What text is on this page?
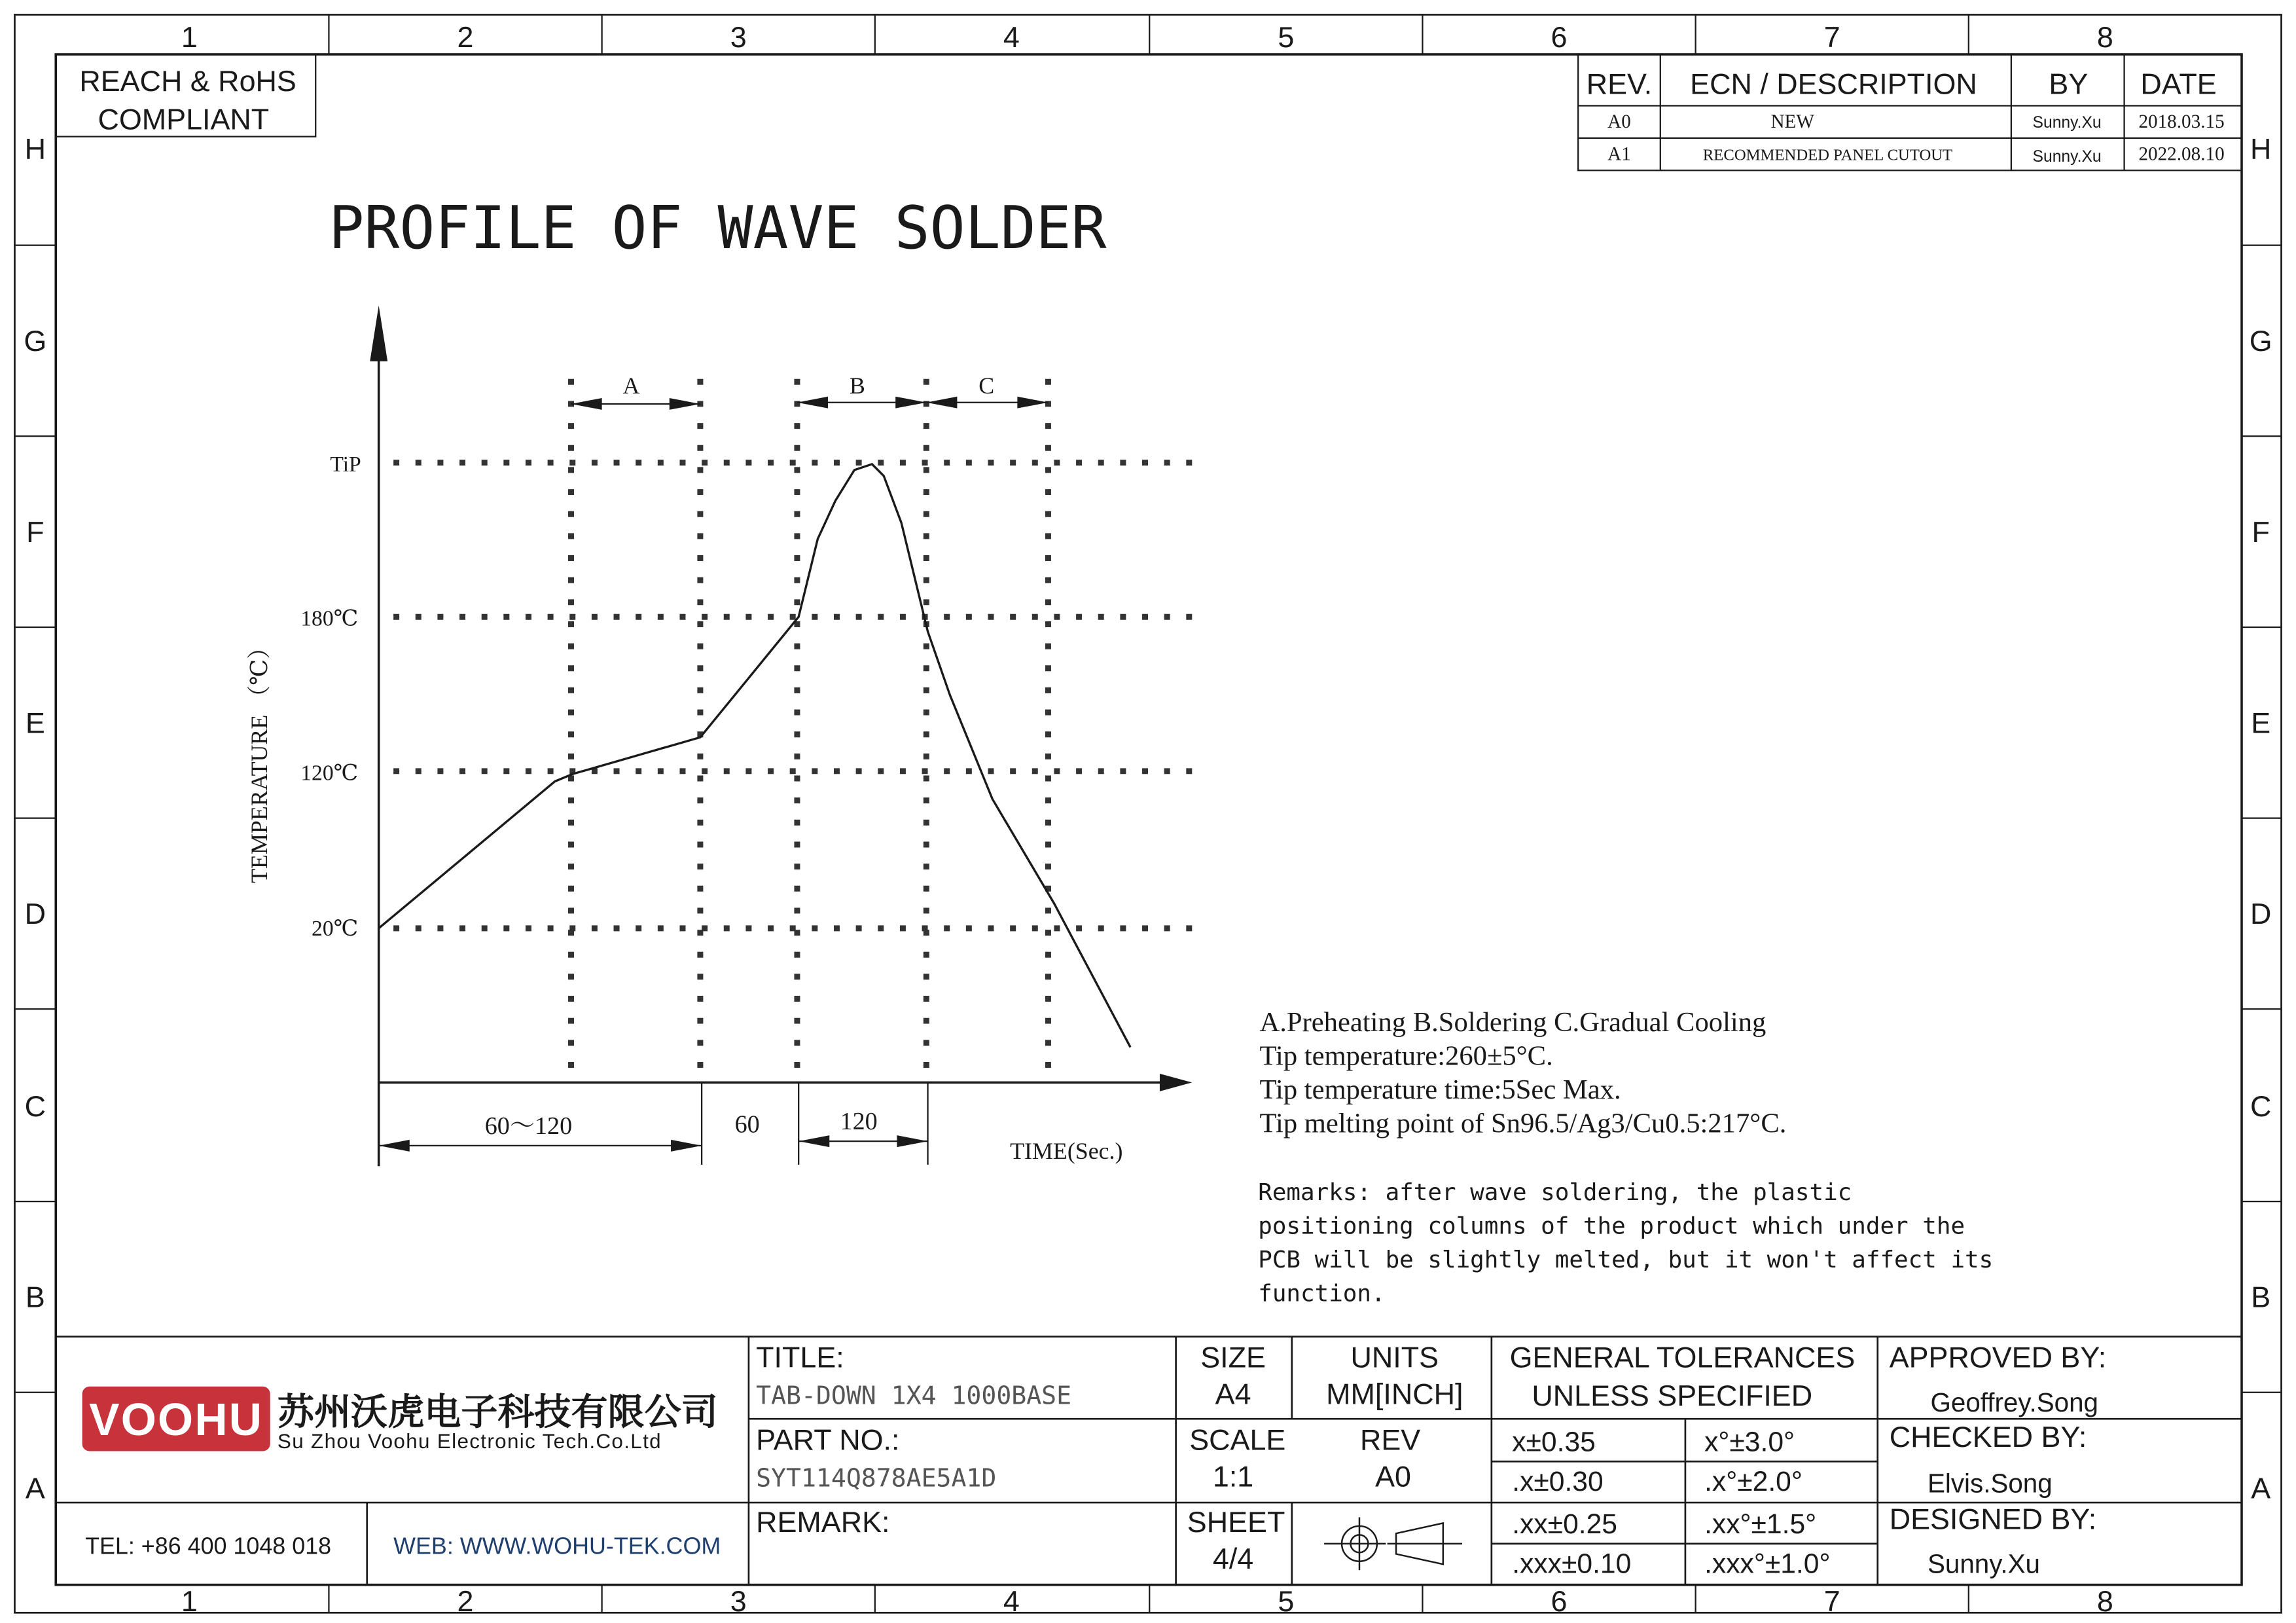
1	2	3	4	5	6	7	8
1	2	3	4	5	6	7	8
H
G
F
E
D
C
B
A
H
G
F
E
D
C
B
A
REACH & RoHS
COMPLIANT
REV.	ECN / DESCRIPTION	BY	DATE
A0	NEW	Sunny.Xu	2018.03.15
A1	RECOMMENDED PANEL CUTOUT	Sunny.Xu	2022.08.10
PROFILE OF WAVE SOLDER
TiP
180℃
120℃
20℃
TEMPERATURE （℃）
TIME(Sec.)
A	B	C
60～120	60	120
A.Preheating B.Soldering C.Gradual Cooling
Tip temperature:260±5°C.
Tip temperature time:5Sec Max.
Tip melting point of Sn96.5/Ag3/Cu0.5:217°C.
Remarks: after wave soldering, the plastic
positioning columns of the product which under the
PCB will be slightly melted, but it won't affect its
function.
VOOHU 苏州沃虎电子科技有限公司
Su Zhou Voohu Electronic Tech.Co.Ltd
TEL: +86 400 1048 018	WEB: WWW.WOHU-TEK.COM
TITLE:
TAB-DOWN 1X4 1000BASE
PART NO.:
SYT114Q878AE5A1D
REMARK:
SIZE
A4
UNITS
MM[INCH]
SCALE
1:1
REV
A0
SHEET
4/4
GENERAL TOLERANCES
UNLESS SPECIFIED
x±0.35	x°±3.0°
.x±0.30	.x°±2.0°
.xx±0.25	.xx°±1.5°
.xxx±0.10	.xxx°±1.0°
APPROVED BY:
Geoffrey.Song
CHECKED BY:
Elvis.Song
DESIGNED BY:
Sunny.Xu
